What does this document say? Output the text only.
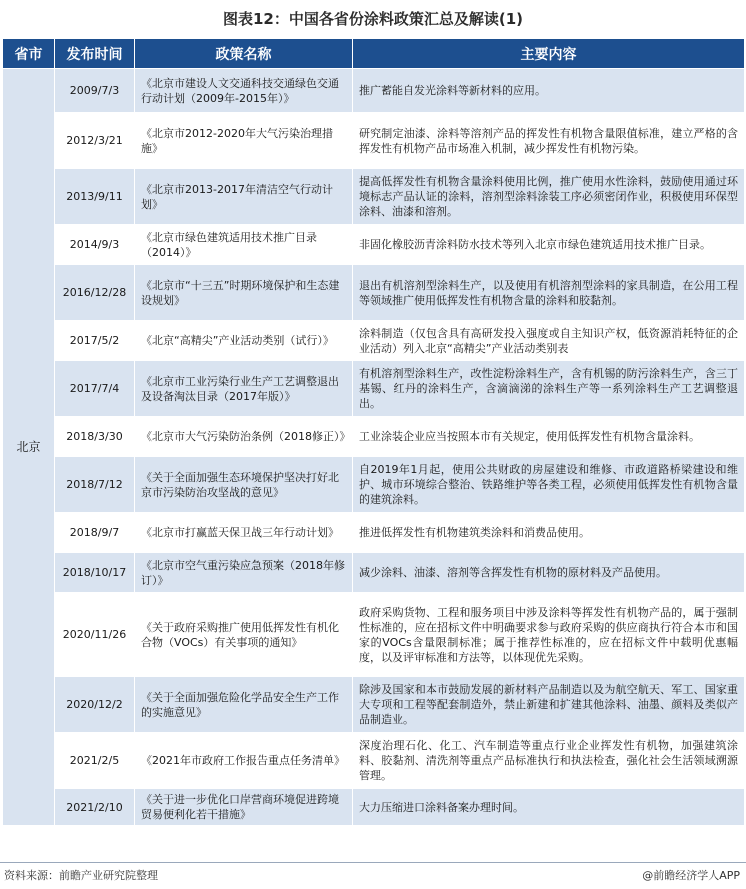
图表12：中国各省份涂料政策汇总及解读(1)
省市	发布时间	政策名称	主要内容
北京	2009/7/3	《北京市建设人文交通科技交通绿色交通行动计划（2009年-2015年）》	推广蓄能自发光涂料等新材料的应用。
	2012/3/21	《北京市2012-2020年大气污染治理措施》	研究制定油漆、涂料等溶剂产品的挥发性有机物含量限值标准，建立严格的含挥发性有机物产品市场准入机制，减少挥发性有机物污染。
	2013/9/11	《北京市2013-2017年清洁空气行动计划》	提高低挥发性有机物含量涂料使用比例，推广使用水性涂料，鼓励使用通过环境标志产品认证的涂料，溶剂型涂料涂装工序必须密闭作业，积极使用环保型涂料、油漆和溶剂。
	2014/9/3	《北京市绿色建筑适用技术推广目录（2014）》	非固化橡胶沥青涂料防水技术等列入北京市绿色建筑适用技术推广目录。
	2016/12/28	《北京市“十三五”时期环境保护和生态建设规划》	退出有机溶剂型涂料生产，以及使用有机溶剂型涂料的家具制造，在公用工程等领域推广使用低挥发性有机物含量的涂料和胶黏剂。
	2017/5/2	《北京“高精尖”产业活动类别（试行）》	涂料制造（仅包含具有高研发投入强度或自主知识产权，低资源消耗特征的企业活动）列入北京“高精尖”产业活动类别表
	2017/7/4	《北京市工业污染行业生产工艺调整退出及设备淘汰目录（2017年版）》	有机溶剂型涂料生产，改性淀粉涂料生产，含有机锡的防污涂料生产，含三丁基锡、红丹的涂料生产，含滴滴涕的涂料生产等一系列涂料生产工艺调整退出。
	2018/3/30	《北京市大气污染防治条例（2018修正）》	工业涂装企业应当按照本市有关规定，使用低挥发性有机物含量涂料。
	2018/7/12	《关于全面加强生态环境保护坚决打好北京市污染防治攻坚战的意见》	自2019年1月起，使用公共财政的房屋建设和维修、市政道路桥梁建设和维护、城市环境综合整治、铁路维护等各类工程，必须使用低挥发性有机物含量的建筑涂料。
	2018/9/7	《北京市打赢蓝天保卫战三年行动计划》	推进低挥发性有机物建筑类涂料和消费品使用。
	2018/10/17	《北京市空气重污染应急预案（2018年修订）》	减少涂料、油漆、溶剂等含挥发性有机物的原材料及产品使用。
	2020/11/26	《关于政府采购推广使用低挥发性有机化合物（VOCs）有关事项的通知》	政府采购货物、工程和服务项目中涉及涂料等挥发性有机物产品的，属于强制性标准的，应在招标文件中明确要求参与政府采购的供应商执行符合本市和国家的VOCs含量限制标准；属于推荐性标准的，应在招标文件中载明优惠幅度，以及评审标准和方法等，以体现优先采购。
	2020/12/2	《关于全面加强危险化学品安全生产工作的实施意见》	除涉及国家和本市鼓励发展的新材料产品制造以及为航空航天、军工、国家重大专项和工程等配套制造外，禁止新建和扩建其他涂料、油墨、颜料及类似产品制造业。
	2021/2/5	《2021年市政府工作报告重点任务清单》	深度治理石化、化工、汽车制造等重点行业企业挥发性有机物，加强建筑涂料、胶黏剂、清洗剂等重点产品标准执行和执法检查，强化社会生活领域溯源管理。
	2021/2/10	《关于进一步优化口岸营商环境促进跨境贸易便利化若干措施》	大力压缩进口涂料备案办理时间。
资料来源：前瞻产业研究院整理	@前瞻经济学人APP
